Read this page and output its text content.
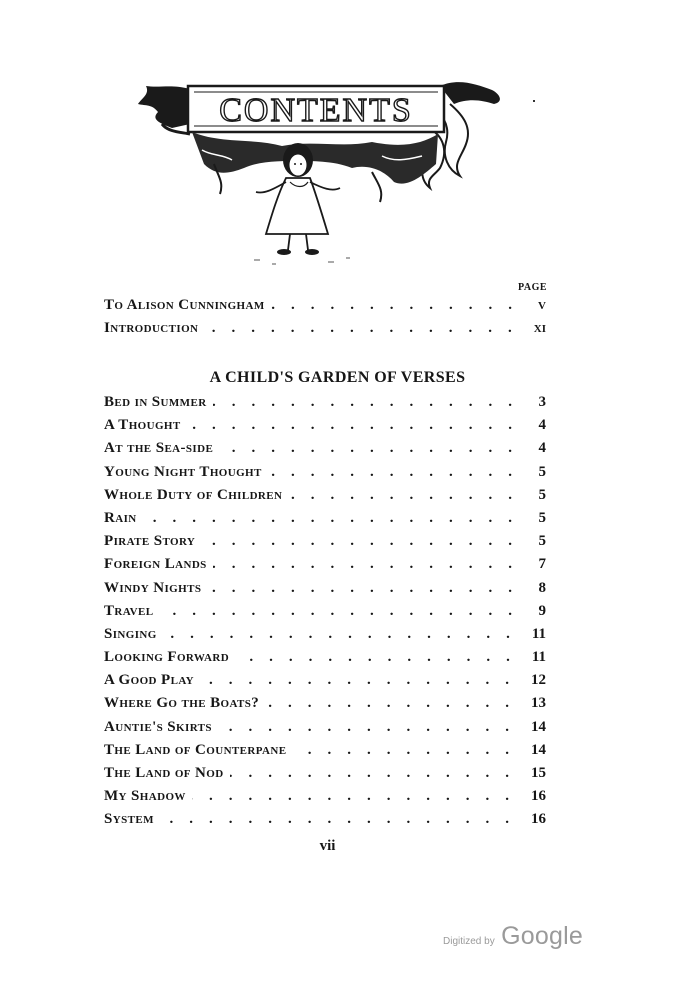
CONTENTS
PAGE
To Alison Cunningham .....	v
Introduction .....	xi
A CHILD'S GARDEN OF VERSES
Bed in Summer .....	3
A Thought .....	4
At the Sea-side .....	4
Young Night Thought .....	5
Whole Duty of Children .....	5
Rain .....	5
Pirate Story .....	5
Foreign Lands .....	7
Windy Nights .....	8
Travel .....	9
Singing .....	11
Looking Forward .....	11
A Good Play .....	12
Where Go the Boats? .....	13
Auntie's Skirts .....	14
The Land of Counterpane .....	14
The Land of Nod .....	15
My Shadow .....	16
System .....	16
vii
Digitized by Google
